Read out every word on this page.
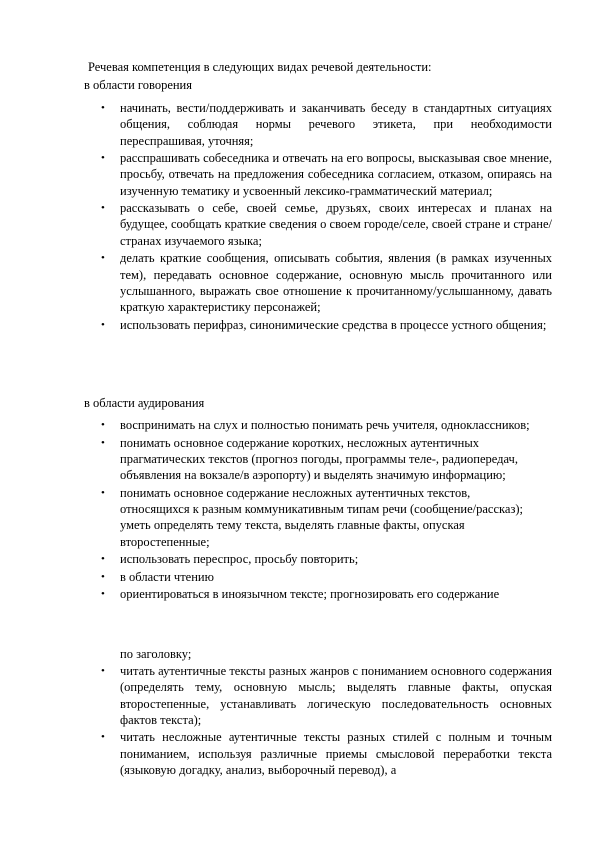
Речевая компетенция в следующих видах речевой деятельности:
в области говорения
• начинать, вести/поддерживать и заканчивать беседу в стандартных ситуациях общения, соблюдая нормы речевого этикета, при необходимости переспрашивая, уточняя;
• расспрашивать собеседника и отвечать на его вопросы, высказывая свое мнение, просьбу, отвечать на предложения собеседника согласием, отказом, опираясь на изученную тематику и усвоенный лексико-грамматический материал;
• рассказывать о себе, своей семье, друзьях, своих интересах и планах на будущее, сообщать краткие сведения о своем городе/селе, своей стране и стране/странах изучаемого языка;
• делать краткие сообщения, описывать события, явления (в рамках изученных тем), передавать основное содержание, основную мысль прочитанного или услышанного, выражать свое отношение к прочитанному/услышанному, давать краткую характеристику персонажей;
• использовать перифраз, синонимические средства в процессе устного общения;
в области аудирования
• воспринимать на слух и полностью понимать речь учителя, одноклассников;
• понимать основное содержание коротких, несложных аутентичных прагматических текстов (прогноз погоды, программы теле-, радиопередач, объявления на вокзале/в аэропорту) и выделять значимую информацию;
• понимать основное содержание несложных аутентичных текстов, относящихся к разным коммуникативным типам речи (сообщение/рассказ); уметь определять тему текста, выделять главные факты, опуская второстепенные;
• использовать переспрос, просьбу повторить;
• в области чтению
• ориентироваться в иноязычном тексте; прогнозировать его содержание
по заголовку;
• читать аутентичные тексты разных жанров с пониманием основного содержания (определять тему, основную мысль; выделять главные факты, опуская второстепенные, устанавливать логическую последовательность основных фактов текста);
• читать несложные аутентичные тексты разных стилей с полным и точным пониманием, используя различные приемы смысловой переработки текста (языковую догадку, анализ, выборочный перевод), а
